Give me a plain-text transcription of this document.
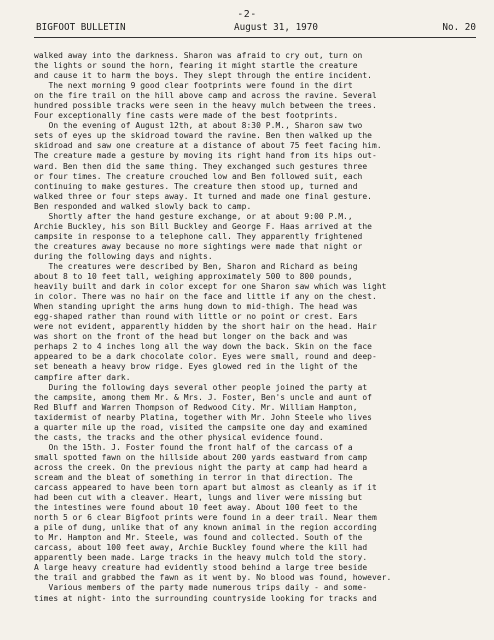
-2-
BIGFOOT BULLETIN	August 31, 1970	No. 20
walked away into the darkness. Sharon was afraid to cry out, turn on
the lights or sound the horn, fearing it might startle the creature
and cause it to harm the boys. They slept through the entire incident.
The next morning 9 good clear footprints were found in the dirt
on the fire trail on the hill above camp and across the ravine. Several
hundred possible tracks were seen in the heavy mulch between the trees.
Four exceptionally fine casts were made of the best footprints.
On the evening of August 12th, at about 8:30 P.M., Sharon saw two
sets of eyes up the skidroad toward the ravine. Ben then walked up the
skidroad and saw one creature at a distance of about 75 feet facing him.
The creature made a gesture by moving its right hand from its hips out-
ward. Ben then did the same thing. They exchanged such gestures three
or four times. The creature crouched low and Ben followed suit, each
continuing to make gestures. The creature then stood up, turned and
walked three or four steps away. It turned and made one final gesture.
Ben responded and walked slowly back to camp.
Shortly after the hand gesture exchange, or at about 9:00 P.M.,
Archie Buckley, his son Bill Buckley and George F. Haas arrived at the
campsite in response to a telephone call. They apparently frightened
the creatures away because no more sightings were made that night or
during the following days and nights.
The creatures were described by Ben, Sharon and Richard as being
about 8 to 10 feet tall, weighing approximately 500 to 800 pounds,
heavily built and dark in color except for one Sharon saw which was light
in color. There was no hair on the face and little if any on the chest.
When standing upright the arms hung down to mid-thigh. The head was
egg-shaped rather than round with little or no point or crest. Ears
were not evident, apparently hidden by the short hair on the head. Hair
was short on the front of the head but longer on the back and was
perhaps 2 to 4 inches long all the way down the back. Skin on the face
appeared to be a dark chocolate color. Eyes were small, round and deep-
set beneath a heavy brow ridge. Eyes glowed red in the light of the
campfire after dark.
During the following days several other people joined the party at
the campsite, among them Mr. & Mrs. J. Foster, Ben's uncle and aunt of
Red Bluff and Warren Thompson of Redwood City. Mr. William Hampton,
taxidermist of nearby Platina, together with Mr. John Steele who lives
a quarter mile up the road, visited the campsite one day and examined
the casts, the tracks and the other physical evidence found.
On the 15th. J. Foster found the front half of the carcass of a
small spotted fawn on the hillside about 200 yards eastward from camp
across the creek. On the previous night the party at camp had heard a
scream and the bleat of something in terror in that direction. The
carcass appeared to have been torn apart but almost as cleanly as if it
had been cut with a cleaver. Heart, lungs and liver were missing but
the intestines were found about 10 feet away. About 100 feet to the
north 5 or 6 clear Bigfoot prints were found in a deer trail. Near them
a pile of dung, unlike that of any known animal in the region according
to Mr. Hampton and Mr. Steele, was found and collected. South of the
carcass, about 100 feet away, Archie Buckley found where the kill had
apparently been made. Large tracks in the heavy mulch told the story.
A large heavy creature had evidently stood behind a large tree beside
the trail and grabbed the fawn as it went by. No blood was found, however.
Various members of the party made numerous trips daily - and some-
times at night- into the surrounding countryside looking for tracks and
